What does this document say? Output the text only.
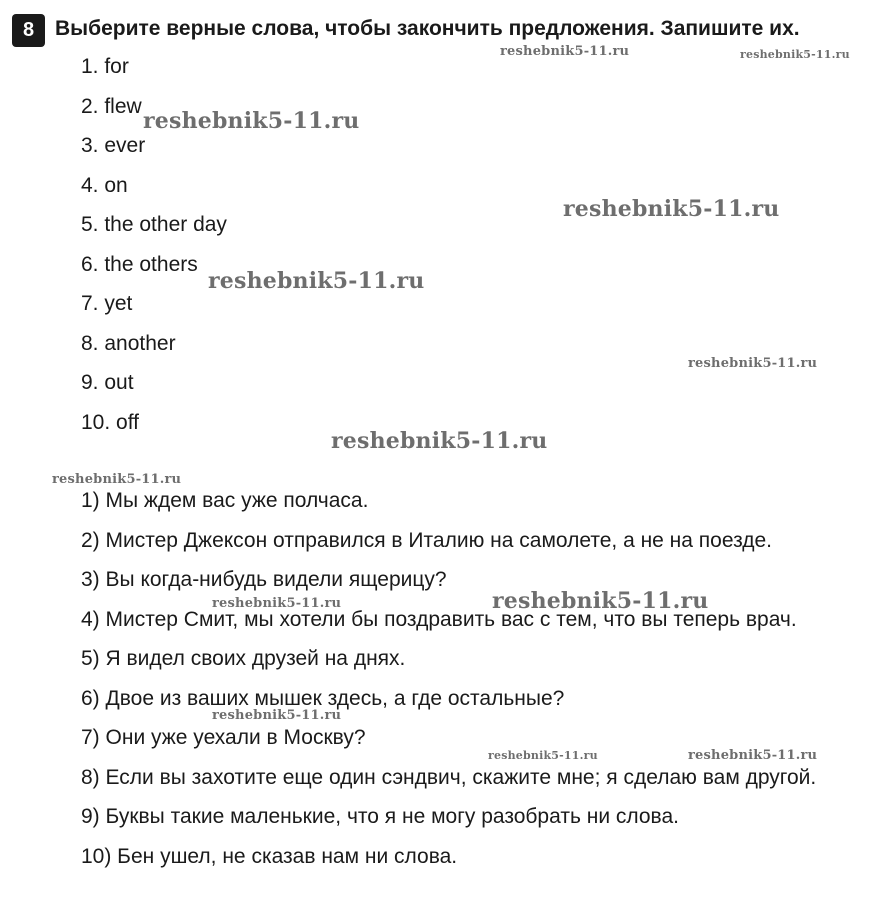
8 Выберите верные слова, чтобы закончить предложения. Запишите их.
1. for
2. flew
3. ever
4. on
5. the other day
6. the others
7. yet
8. another
9. out
10. off
1) Мы ждем вас уже полчаса.
2) Мистер Джексон отправился в Италию на самолете, а не на поезде.
3) Вы когда-нибудь видели ящерицу?
4) Мистер Смит, мы хотели бы поздравить вас с тем, что вы теперь врач.
5) Я видел своих друзей на днях.
6) Двое из ваших мышек здесь, а где остальные?
7) Они уже уехали в Москву?
8) Если вы захотите еще один сэндвич, скажите мне; я сделаю вам другой.
9) Буквы такие маленькие, что я не могу разобрать ни слова.
10) Бен ушел, не сказав нам ни слова.
reshebnik5-11.ru	reshebnik5-11.ru
reshebnik5-11.ru
reshebnik5-11.ru
reshebnik5-11.ru
reshebnik5-11.ru
reshebnik5-11.ru
reshebnik5-11.ru
reshebnik5-11.ru	reshebnik5-11.ru
reshebnik5-11.ru
reshebnik5-11.ru	reshebnik5-11.ru
